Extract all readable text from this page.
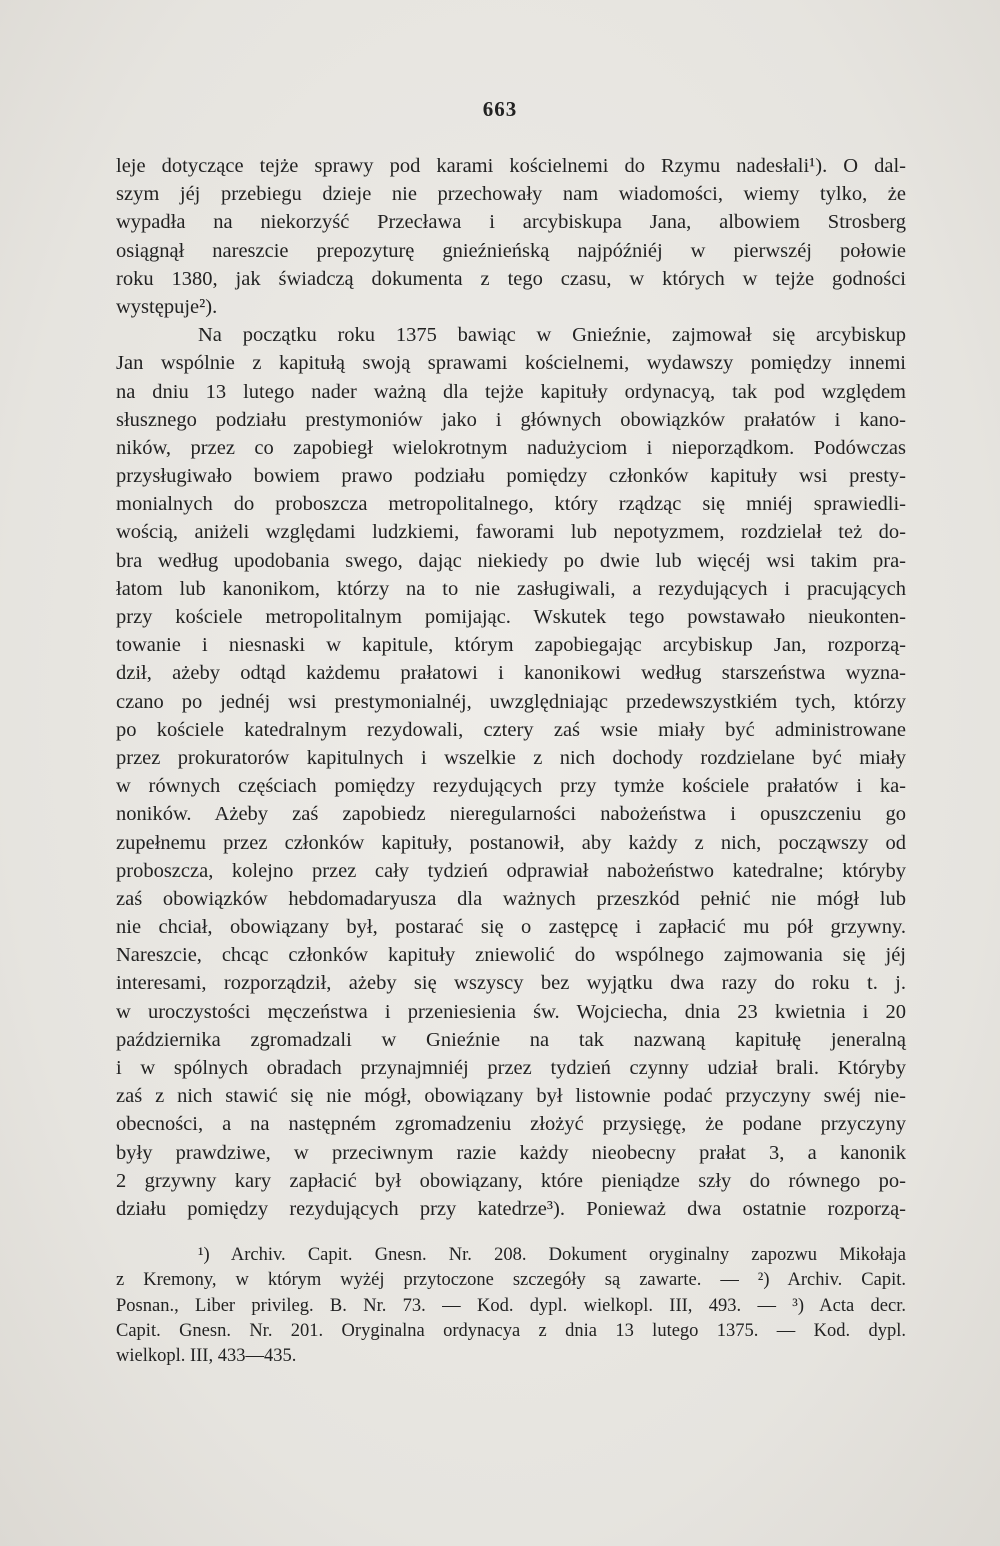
663
leje dotyczące tejże sprawy pod karami kościelnemi do Rzymu nadesłali¹). O dal-
szym jéj przebiegu dzieje nie przechowały nam wiadomości, wiemy tylko, że
wypadła na niekorzyść Przecława i arcybiskupa Jana, albowiem Strosberg
osiągnął nareszcie prepozyturę gnieźnieńską najpóźniéj w pierwszéj połowie
roku 1380, jak świadczą dokumenta z tego czasu, w których w tejże godności
występuje²).
Na początku roku 1375 bawiąc w Gnieźnie, zajmował się arcybiskup
Jan wspólnie z kapitułą swoją sprawami kościelnemi, wydawszy pomiędzy innemi
na dniu 13 lutego nader ważną dla tejże kapituły ordynacyą, tak pod względem
słusznego podziału prestymoniów jako i głównych obowiązków prałatów i kano-
ników, przez co zapobiegł wielokrotnym nadużyciom i nieporządkom. Podówczas
przysługiwało bowiem prawo podziału pomiędzy członków kapituły wsi presty-
monialnych do proboszcza metropolitalnego, który rządząc się mniéj sprawiedli-
wością, aniżeli względami ludzkiemi, faworami lub nepotyzmem, rozdzielał też do-
bra według upodobania swego, dając niekiedy po dwie lub więcéj wsi takim pra-
łatom lub kanonikom, którzy na to nie zasługiwali, a rezydujących i pracujących
przy kościele metropolitalnym pomijając. Wskutek tego powstawało nieukonten-
towanie i niesnaski w kapitule, którym zapobiegając arcybiskup Jan, rozporzą-
dził, ażeby odtąd każdemu prałatowi i kanonikowi według starszeństwa wyzna-
czano po jednéj wsi prestymonialnéj, uwzględniając przedewszystkiém tych, którzy
po kościele katedralnym rezydowali, cztery zaś wsie miały być administrowane
przez prokuratorów kapitulnych i wszelkie z nich dochody rozdzielane być miały
w równych częściach pomiędzy rezydujących przy tymże kościele prałatów i ka-
noników. Ażeby zaś zapobiedz nieregularności nabożeństwa i opuszczeniu go
zupełnemu przez członków kapituły, postanowił, aby każdy z nich, począwszy od
proboszcza, kolejno przez cały tydzień odprawiał nabożeństwo katedralne; któryby
zaś obowiązków hebdomadaryusza dla ważnych przeszkód pełnić nie mógł lub
nie chciał, obowiązany był, postarać się o zastępcę i zapłacić mu pół grzywny.
Nareszcie, chcąc członków kapituły zniewolić do wspólnego zajmowania się jéj
interesami, rozporządził, ażeby się wszyscy bez wyjątku dwa razy do roku t. j.
w uroczystości męczeństwa i przeniesienia św. Wojciecha, dnia 23 kwietnia i 20
października zgromadzali w Gnieźnie na tak nazwaną kapitułę jeneralną
i w spólnych obradach przynajmniéj przez tydzień czynny udział brali. Któryby
zaś z nich stawić się nie mógł, obowiązany był listownie podać przyczyny swéj nie-
obecności, a na następném zgromadzeniu złożyć przysięgę, że podane przyczyny
były prawdziwe, w przeciwnym razie każdy nieobecny prałat 3, a kanonik
2 grzywny kary zapłacić był obowiązany, które pieniądze szły do równego po-
działu pomiędzy rezydujących przy katedrze³). Ponieważ dwa ostatnie rozporzą-
¹) Archiv. Capit. Gnesn. Nr. 208. Dokument oryginalny zapozwu Mikołaja
z Kremony, w którym wyżéj przytoczone szczegóły są zawarte. — ²) Archiv. Capit.
Posnan., Liber privileg. B. Nr. 73. — Kod. dypl. wielkopl. III, 493. — ³) Acta decr.
Capit. Gnesn. Nr. 201. Oryginalna ordynacya z dnia 13 lutego 1375. — Kod. dypl.
wielkopl. III, 433—435.
